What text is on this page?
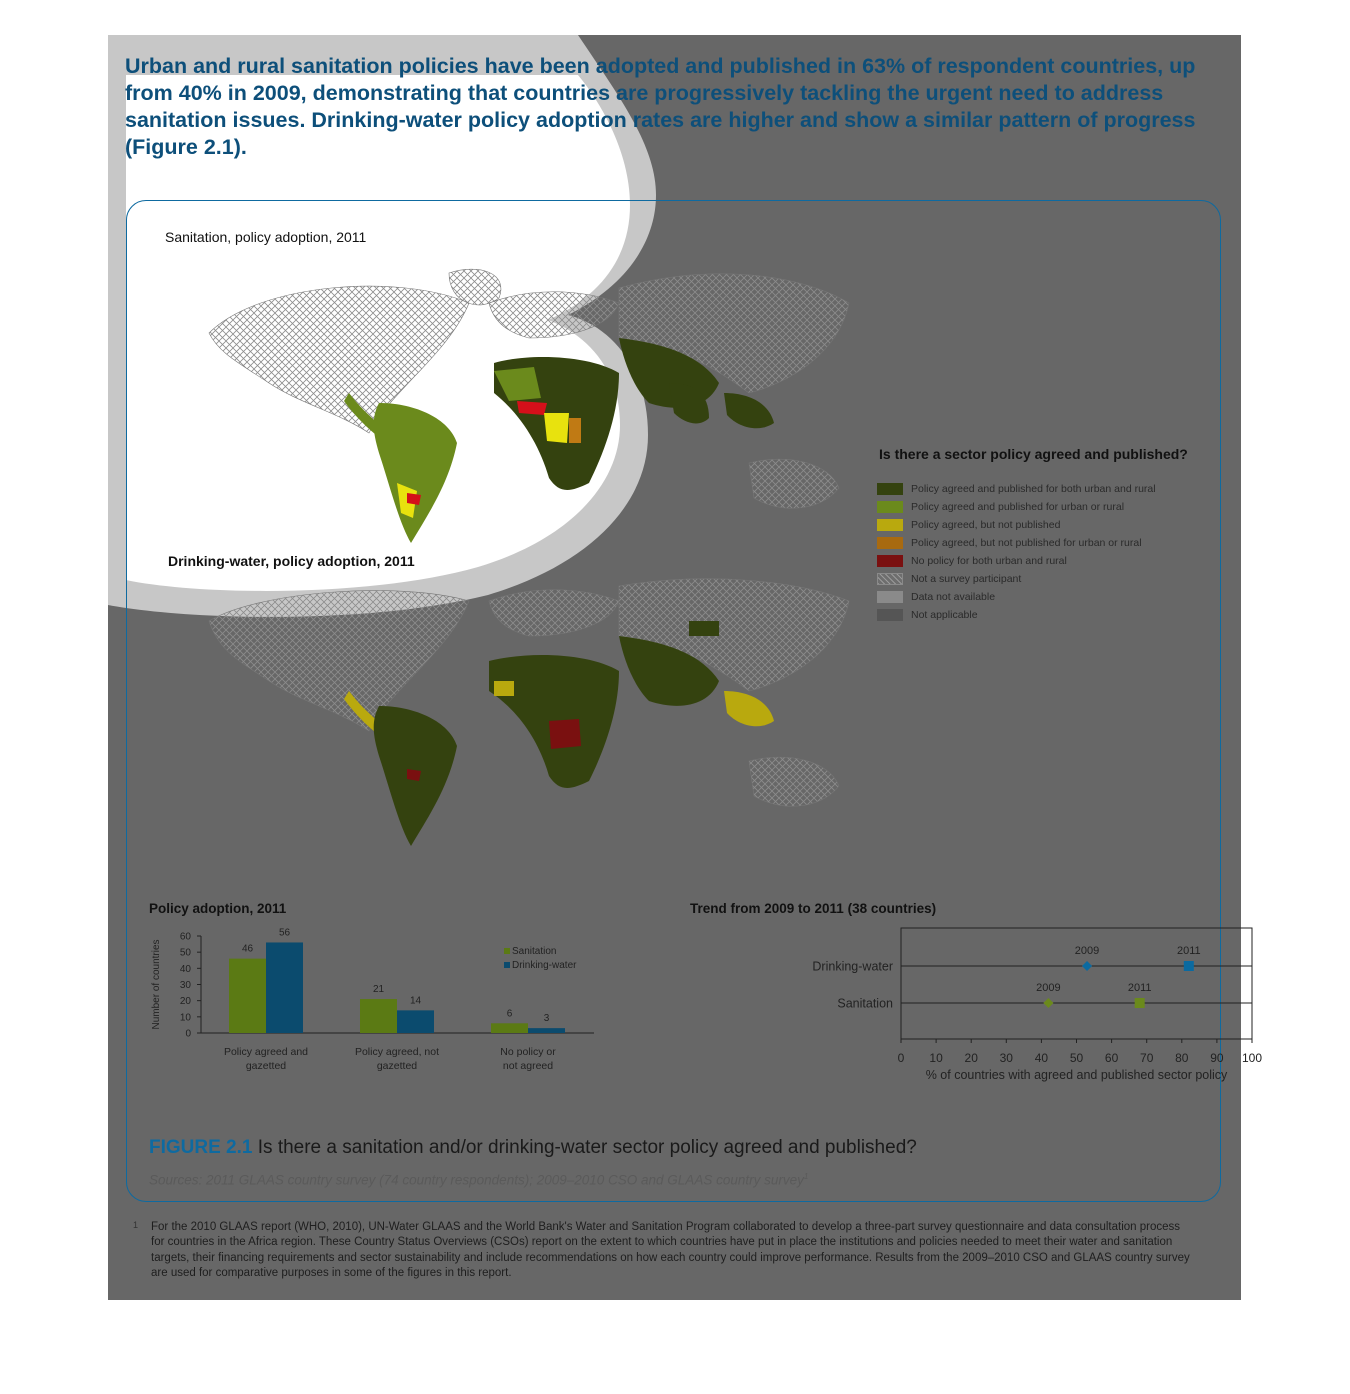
Urban and rural sanitation policies have been adopted and published in 63% of respondent countries, up from 40% in 2009, demonstrating that countries are progressively tackling the urgent need to address sanitation issues. Drinking-water policy adoption rates are higher and show a similar pattern of progress (Figure 2.1).

Sanitation, policy adoption, 2011

Drinking-water, policy adoption, 2011

Is there a sector policy agreed and published?

Policy agreed and published for both urban and rural
Policy agreed and published for urban or rural
Policy agreed, but not published
Policy agreed, but not published for urban or rural
No policy for both urban and rural
Not a survey participant
Data not available
Not applicable

Policy adoption, 2011

0
10
20
30
40
50
60
Number of countries	46
56
Policy agreed and
gazetted
21
14
Policy agreed, not
gazetted
6	3
No policy or
not agreed
Sanitation
Drinking-water

Trend from 2009 to 2011 (38 countries)

Drinking-water
Sanitation
0 10 20 30 40 50 60 70 80 90 100
% of countries with agreed and published sector policy
2009	2011
2009	2011

FIGURE 2.1 Is there a sanitation and/or drinking-water sector policy agreed and published?

Sources: 2011 GLAAS country survey (74 country respondents); 2009–2010 CSO and GLAAS country survey$^1$

1 For the 2010 GLAAS report (WHO, 2010), UN-Water GLAAS and the World Bank's Water and Sanitation Program collaborated to develop a three-part survey questionnaire and data consultation process for countries in the Africa region. These Country Status Overviews (CSOs) report on the extent to which countries have put in place the institutions and policies needed to meet their water and sanitation targets, their financing requirements and sector sustainability and include recommendations on how each country could improve performance. Results from the 2009–2010 CSO and GLAAS country survey are used for comparative purposes in some of the figures in this report.
